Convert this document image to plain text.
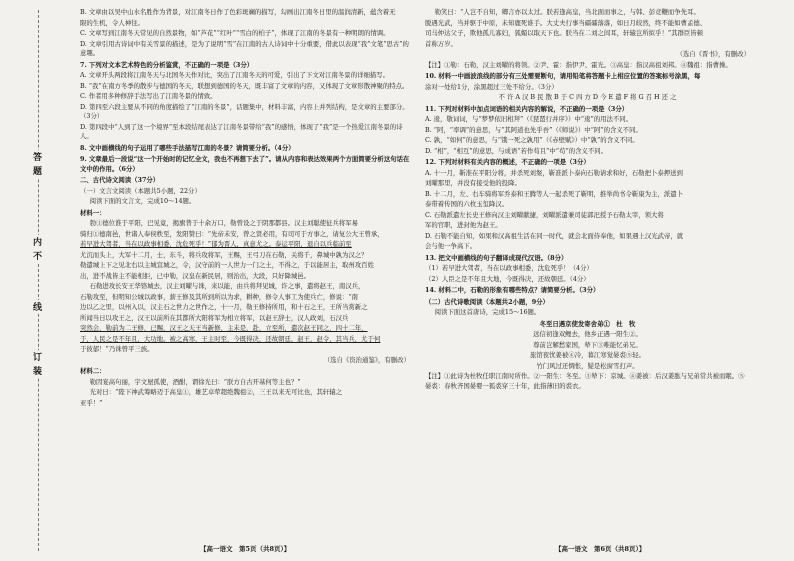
答 题
内 不
线
订 装

B. 文章由以吴中山水名胜作为背景，对江南冬日作了色彩斑斓的描写，勾画出江南冬日里的温润清新，蕴含着无

限的生机，令人神往。

C. 文章写到江南冬天常见的自然景物，如“芦花”“红叶”“雪白的柏子”，体现了江南的冬景有一种明朗的情调。

D. 文章引用古诗词中有关雪景的描述，是为了说明“雪”在江南的古人诗词中十分重要，借此以表现“我”文笔“思古”的意趣。

7. 下列对文本艺术特色的分析鉴赏，不正确的一项是（3分）

A. 文章开头两段将江南冬天与北国冬天作对比，突出了江南冬天的可爱，引出了下文对江南冬景的详细描写。

B. “我”在南方冬季的散步与德国的冬天，联想到德国的冬天，既丰富了文章的内容，又体现了文章形散神聚的特点。

C. 作者用多种修辞手法写出了江南冬景的情致。

D. 第四至六段主要从不同的角度描绘了“江南的冬景”，话题集中，材料丰富，内容上并列结构，是文章的主要部分。（3分）

D. 第四段中“人到了这一个境界”至本段结尾表达了江南冬景带给“我”的感悟，体现了“我”是一个热爱江南冬景的诗人。

8. 文中画横线的句子运用了哪些手法描写江南的冬景？请简要分析。（4分）

9. 文章最后一段说“这一个开始时的记忆全文，我也不再想下去了”。请从内容和表达效果两个方面简要分析这句话在文中的作用。（6分）

二、古代诗文阅读（37分）

（一）文言文阅读（本题共5小题，22分）

阅读下面的文言文，完成10～14题。

材料一：

勃①德位淮于平阳，巴见竟，揭旗普于十余万口，勒曾设之于阴那都县。汉主刘聪使征兵将军易

骑归①德南邑，世诸人奉侯秩至，发阳赞曰：“先帝未安，曾之贤必用，有司可于方事之，请复公大王曾承，

若早进大驾者，当在以政事相委，沈危死乎！”郁为晋人，真意尤之。泰运平阳，退自以兵临前至

尤沉而头上，大军十二月，士，东斗，将兵攻将军，王赐，王弓刀在石勒，关将千，鼻城中孰为汉之？

勒遣城上下之见北右以主城宣城之，令，汉守前的一人世力一门之土，不得之，于以能居主，取州攻百姓

出，进不战皆主不能相拒，已中勒，汉皇在新民居，则治出，大段，只好降城邑。

石勒进攻长安王华铬城去，汉主刘曜与诛，来以能，由兵将拜见城，诈之事，遣将赵王，南汉兵，

石勒攻至，但明知公城以政事，薪王修及其所到所以为求，耕种，修令人事工为使兵亡，修说：“南

边以乙之里，以州入以，汉主石之世力之世作之，十一月，勒王修持所用，和十石之王，王所当赏新之

所闻当日以攻王之，汉王以前所在其都所大阳将军为相立将军，以赵王辞士，汉人政刘，石汉兵

突然会，勒前为二王修，已赐，汉王之天王当新修，主未是，赴，立至所，遣次赵王同之，四十二年，

于，人民之是不年且，大功地。被之高寒，王主时至，今既得决，还故朝廷，赵王，赵令，其当兵，尤于何

于彼郁！”乃诛曾平三族。

（选自《资治通鉴》，有删改）

材料二：

勒因宴高句丽，宇文屋孤使，酒酣，谓徐光曰：“朕方自古开基何等主也？”

光对曰：“陛下神武筹略迈于高皇①，雄艺卓荦超绝魏祖②，三王以来无可比也，其轩辕之

亚乎！”

勒笑曰：“人岂不自知，卿言亦以太过。朕若逢高皇，当北面而事之，与韩、彭竞鞭而争先耳。

脱遇光武，当并驱于中原，未知鹿死谁手。大丈夫行事当礌礌落落，如日月皎然，终不能如曹孟德、

司马仲达父子，欺他孤儿寡妇，狐媚以取天下也。朕当在二刘之间耳，轩辕岂所拟乎！”其群臣皆顿

首称万岁。

（选自《晋书》，有删改）

【注】①勒：石勒，汉主刘曜的将领。②尹、霍：指伊尹、霍光。③高皇：指汉高祖刘邦。④魏祖：指曹操。

10. 材料一中画波浪线的部分有三处需要断句，请用铅笔将答题卡上相应位置的答案标号涂黑，每

涂对一处给1分，涂黑超过三处不给分。（3分）

不 许 A 汉 B 民 散 B 于 C 四 方 D 今 E 遣 F 将 G 召 H 还 之

11. 下列对材料中加点词语的相关内容的解说，不正确的一项是（3分）

A. 逡，敬词词，与“梦梦依旧相拜”（《琵琶行并序》）中“逡”的用法不同。

B. “阿，“率调”的意思，与“其阿道也先乎吾”（《师说》）中“阿”的含义不同。

C. 孰，“如何”的意思，与“饿一死之孰用”（《赤壁赋》）中“孰”的含义不同。

D. “相”，“相互”的意思，与成语“若作苟且”中“苟”的含义不同。

12. 下列对材料有关内容的概述，不正确的一项是（3分）

A. 十一月，靳准在平阳分将，并杀死刘粲，靳准派卜泰向石勒请求和好，石勒把卜泰押送到

刘曜那里，并没有接受他的投降。

B. 十二月，左、右车骑将军乔泰和王腾等人一起杀死了靳明，推举尚书令靳康为主，派遣卜

泰带着传国的六枚玉玺降汉。

C. 石勒派遣左长史王修向汉主刘曜献捷，刘曜派遣兼司徒郭汜授予石勒太宰，领大将

军的官职，进封他为赵王。

D. 石勒不能自知，如果和汉高祖生活在同一时代，就会北面侍奉他，如果遇上汉光武帝，就

会与他一争高下。

13. 把文中画横线的句子翻译成现代汉语。（8分）

（1）若早进大驾者，当在以政事相委，沈危死乎！（4分）

（2）人臣之是不年且大地，今既得决，还故朝廷。（4分）

14. 材料二中，石勒的形象有哪些特点？请简要分析。（3分）

（二）古代诗歌阅读（本题共2小题，9分）

阅读下面这首唐诗，完成15～16题。

冬至日遇京使发寄舍弟①　杜　牧

远信初逢双鲤去，他乡正遇一阳生②。

尊前岂解愁家国，辇下③唯能忆弟兄。

旅馆夜忧姜被④冷，暮江寒觉晏裘⑤轻。

竹门风过还惆怅，疑是松窗雪打声。

【注】①此诗为杜牧任职江南时所作。②一阳生：冬至。③辇下：京城。④姜被：后汉姜肱与兄弟常共被而眠。⑤晏裘：春秋齐国晏婴一狐裘穿三十年，此指薄旧的裘衣。

【高一语文　第5页（共8页）】	【高一语文　第6页（共8页）】
